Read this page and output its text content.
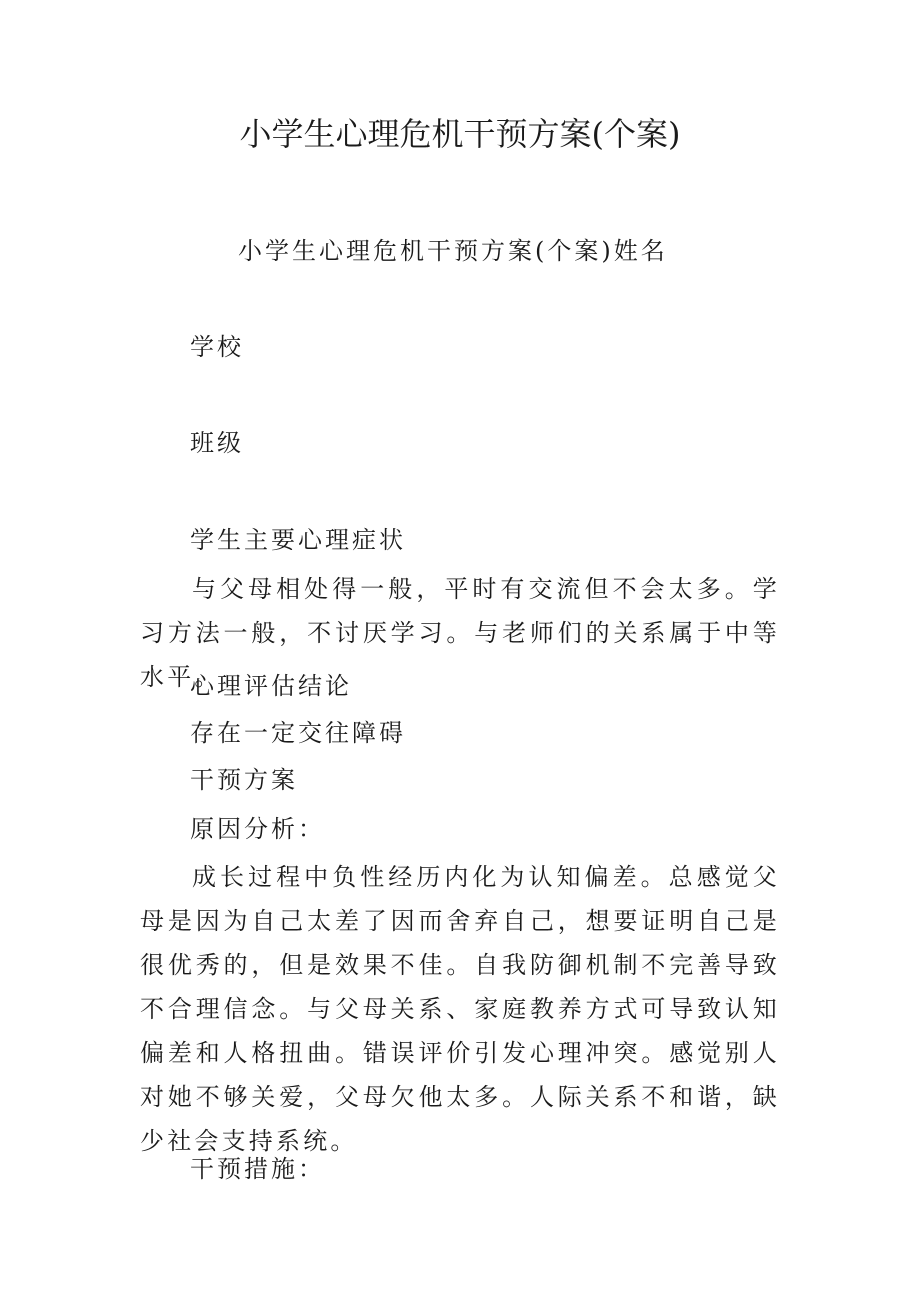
小学生心理危机干预方案(个案)

小学生心理危机干预方案(个案)姓名

学校

班级

学生主要心理症状

与父母相处得一般，平时有交流但不会太多。学习方法一般，不讨厌学习。与老师们的关系属于中等水平。

心理评估结论

存在一定交往障碍

干预方案

原因分析：

成长过程中负性经历内化为认知偏差。总感觉父母是因为自己太差了因而舍弃自己，想要证明自己是很优秀的，但是效果不佳。自我防御机制不完善导致不合理信念。与父母关系、家庭教养方式可导致认知偏差和人格扭曲。错误评价引发心理冲突。感觉别人对她不够关爱，父母欠他太多。人际关系不和谐，缺少社会支持系统。

干预措施：
